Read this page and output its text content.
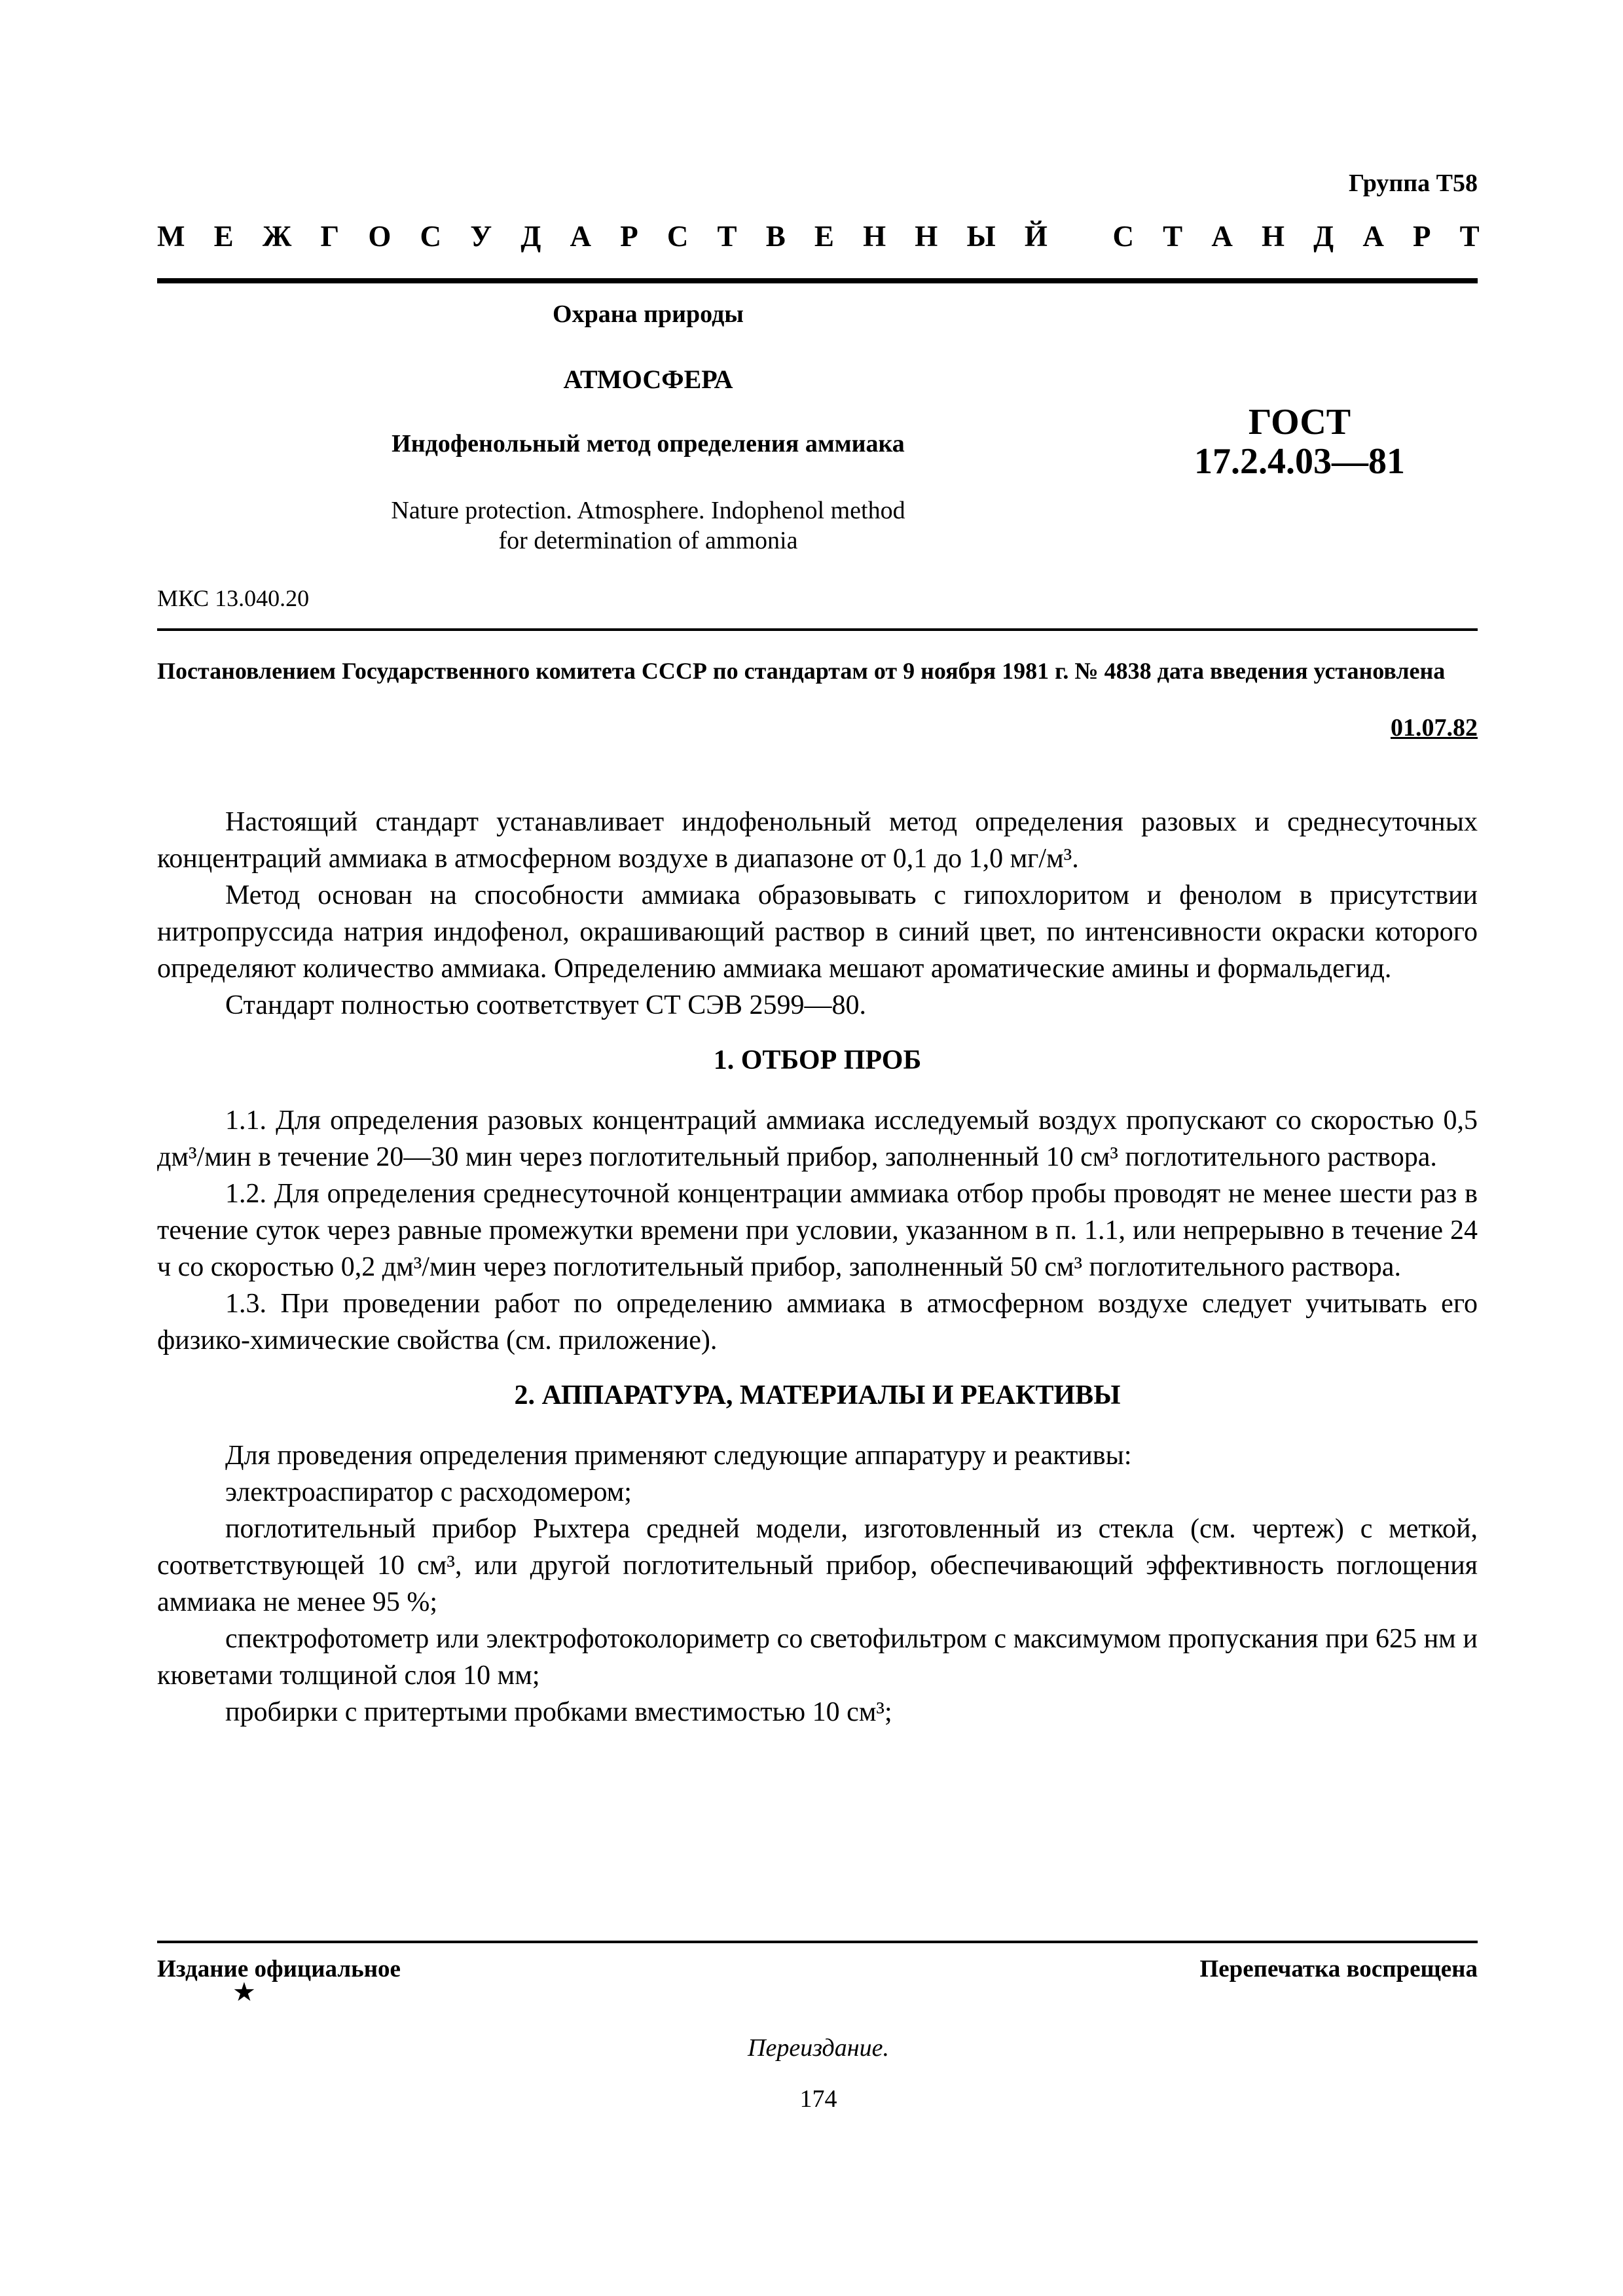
Группа Т58
М Е Ж Г О С У Д А Р С Т В Е Н Н Ы Й
С Т А Н Д А Р Т
Охрана природы
АТМОСФЕРА
Индофенольный метод определения аммиака
Nature protection. Atmosphere. Indophenol method
for determination of ammonia
ГОСТ
17.2.4.03—81
МКС 13.040.20
Постановлением Государственного комитета СССР по стандартам от 9 ноября 1981 г. № 4838 дата введения установлена
01.07.82

Настоящий стандарт устанавливает индофенольный метод определения разовых и среднесуточных концентраций аммиака в атмосферном воздухе в диапазоне от 0,1 до 1,0 мг/м³.

Метод основан на способности аммиака образовывать с гипохлоритом и фенолом в присутствии нитропруссида натрия индофенол, окрашивающий раствор в синий цвет, по интенсивности окраски которого определяют количество аммиака. Определению аммиака мешают ароматические амины и формальдегид.

Стандарт полностью соответствует СТ СЭВ 2599—80.

1. ОТБОР ПРОБ

1.1. Для определения разовых концентраций аммиака исследуемый воздух пропускают со скоростью 0,5 дм³/мин в течение 20—30 мин через поглотительный прибор, заполненный 10 см³ поглотительного раствора.

1.2. Для определения среднесуточной концентрации аммиака отбор пробы проводят не менее шести раз в течение суток через равные промежутки времени при условии, указанном в п. 1.1, или непрерывно в течение 24 ч со скоростью 0,2 дм³/мин через поглотительный прибор, заполненный 50 см³ поглотительного раствора.

1.3. При проведении работ по определению аммиака в атмосферном воздухе следует учитывать его физико-химические свойства (см. приложение).

2. АППАРАТУРА, МАТЕРИАЛЫ И РЕАКТИВЫ

Для проведения определения применяют следующие аппаратуру и реактивы:

электроаспиратор с расходомером;

поглотительный прибор Рыхтера средней модели, изготовленный из стекла (см. чертеж) с меткой, соответствующей 10 см³, или другой поглотительный прибор, обеспечивающий эффективность поглощения аммиака не менее 95 %;

спектрофотометр или электрофотоколориметр со светофильтром с максимумом пропускания при 625 нм и кюветами толщиной слоя 10 мм;

пробирки с притертыми пробками вместимостью 10 см³;

Издание официальное	Перепечатка воспрещена
★
Переиздание.
174
